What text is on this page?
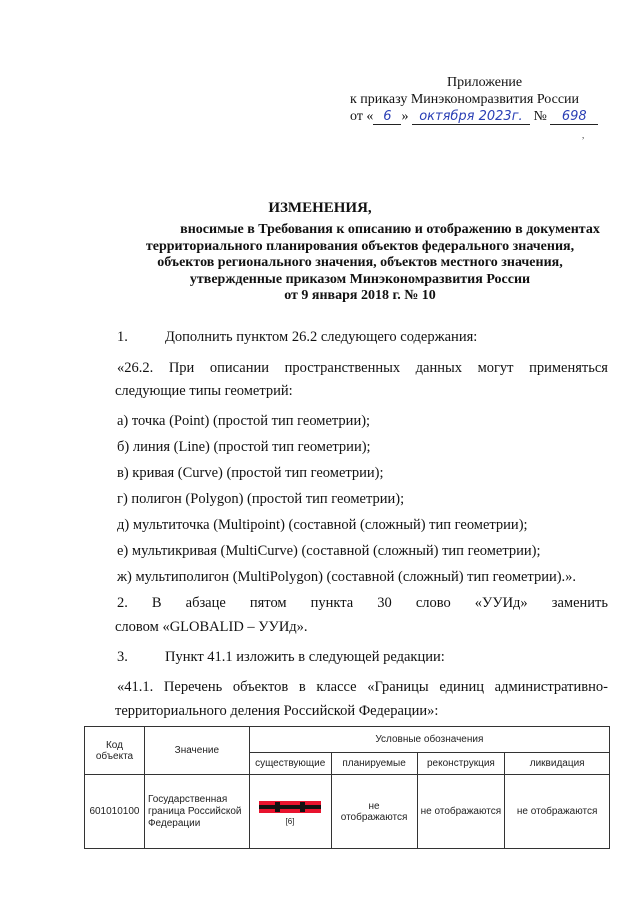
Приложение
к приказу Минэкономразвития России
от « 6 » октября 2023г. № 698
,
ИЗМЕНЕНИЯ,
вносимые в Требования к описанию и отображению в документах
территориального планирования объектов федерального значения,
объектов регионального значения, объектов местного значения,
утвержденные приказом Минэкономразвития России
от 9 января 2018 г. № 10
1.	Дополнить пунктом 26.2 следующего содержания:
«26.2. При описании пространственных данных могут применяться
следующие типы геометрий:
а) точка (Point) (простой тип геометрии);
б) линия (Line) (простой тип геометрии);
в) кривая (Curve) (простой тип геометрии);
г) полигон (Polygon) (простой тип геометрии);
д) мультиточка (Multipoint) (составной (сложный) тип геометрии);
е) мультикривая (MultiCurve) (составной (сложный) тип геометрии);
ж) мультиполигон (MultiPolygon) (составной (сложный) тип геометрии).».
2. В абзаце пятом пункта 30 слово «УУИд» заменить
словом «GLOBALID – УУИд».
3.	Пункт 41.1 изложить в следующей редакции:
«41.1. Перечень объектов в классе «Границы единиц административно-
территориального деления Российской Федерации»:
Код объекта	Значение	Условные обозначения			
		существующие	планируемые	реконструкция	ликвидация
601010100	Государственная граница Российской Федерации	[6]	не отображаются	не отображаются	не отображаются
